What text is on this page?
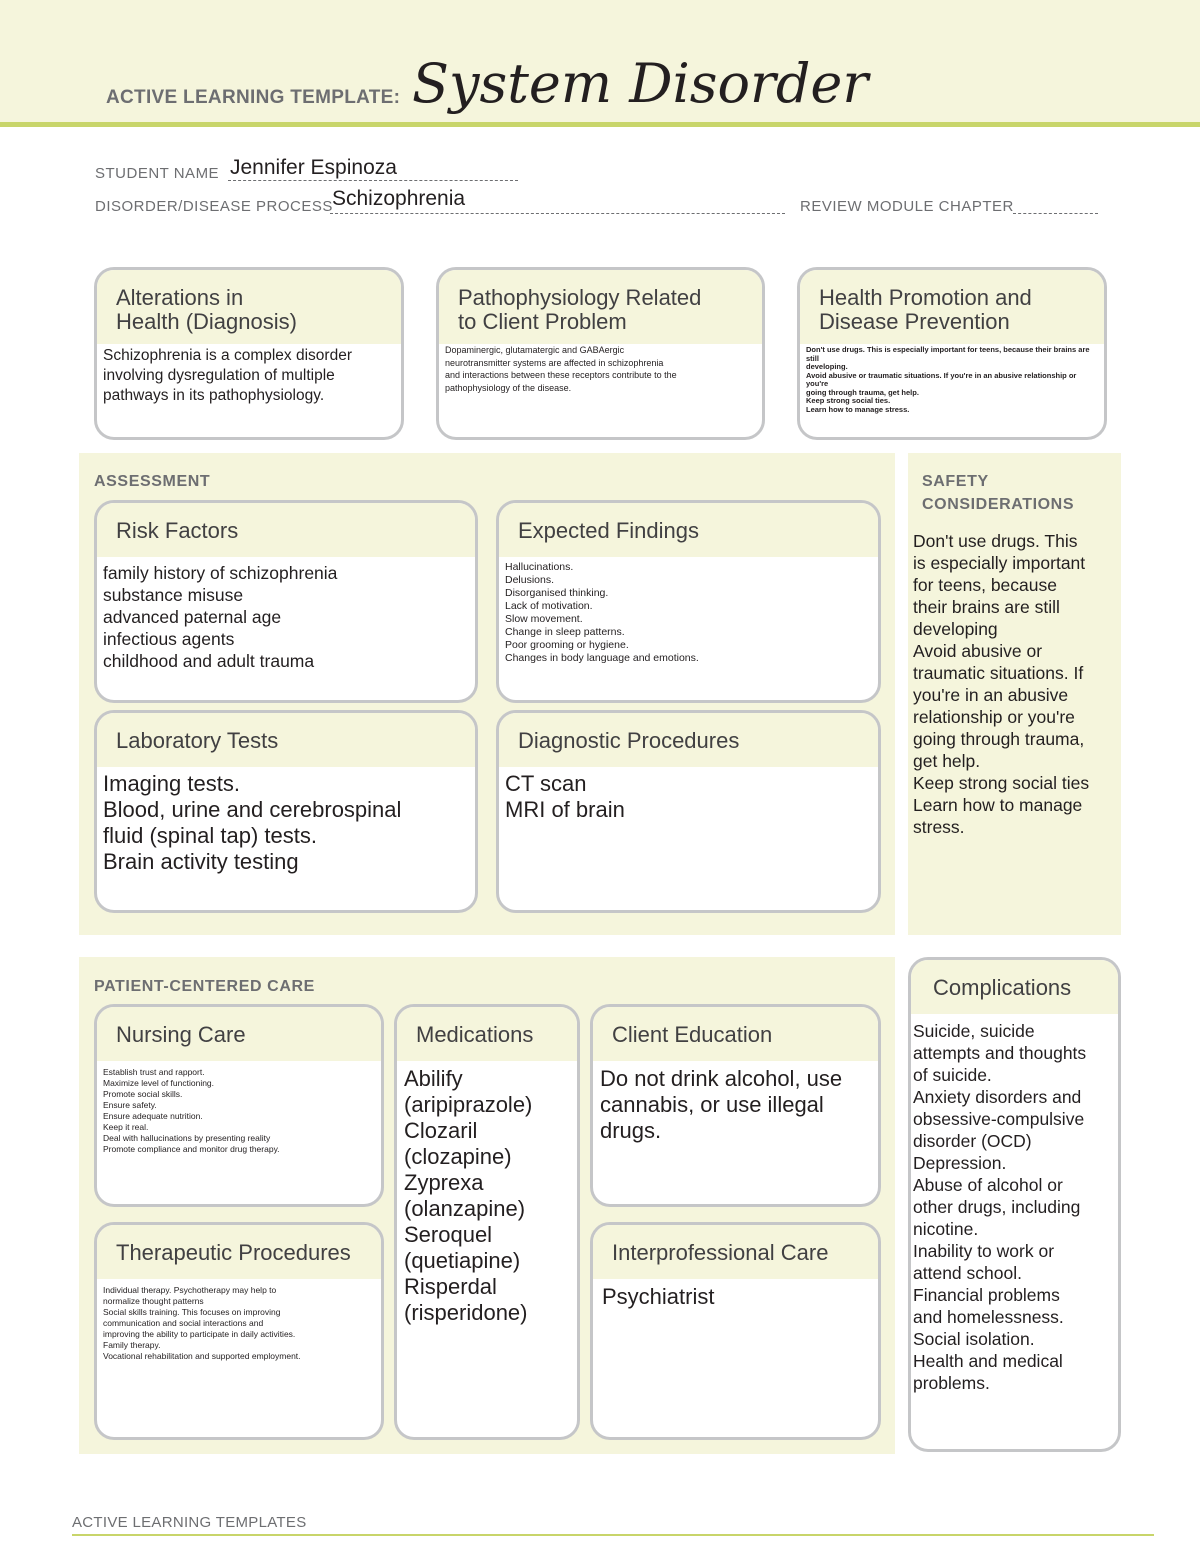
ACTIVE LEARNING TEMPLATE: System Disorder
STUDENT NAME Jennifer Espinoza
DISORDER/DISEASE PROCESS Schizophrenia	REVIEW MODULE CHAPTER
Alterations in
Health (Diagnosis)
Schizophrenia is a complex disorder
involving dysregulation of multiple
pathways in its pathophysiology.
Pathophysiology Related
to Client Problem
Dopaminergic, glutamatergic and GABAergic
neurotransmitter systems are affected in schizophrenia
and interactions between these receptors contribute to the
pathophysiology of the disease.
Health Promotion and
Disease Prevention
Don't use drugs. This is especially important for teens, because their brains are still
developing.
Avoid abusive or traumatic situations. If you're in an abusive relationship or you're
going through trauma, get help.
Keep strong social ties.
Learn how to manage stress.
ASSESSMENT
Risk Factors
family history of schizophrenia
substance misuse
advanced paternal age
infectious agents
childhood and adult trauma
Expected Findings
Hallucinations.
Delusions.
Disorganised thinking.
Lack of motivation.
Slow movement.
Change in sleep patterns.
Poor grooming or hygiene.
Changes in body language and emotions.
Laboratory Tests
Imaging tests.
Blood, urine and cerebrospinal
fluid (spinal tap) tests.
Brain activity testing
Diagnostic Procedures
CT scan
MRI of brain
SAFETY
CONSIDERATIONS
Don't use drugs. This
is especially important
for teens, because
their brains are still
developing
Avoid abusive or
traumatic situations. If
you're in an abusive
relationship or you're
going through trauma,
get help.
Keep strong social ties
Learn how to manage
stress.
PATIENT-CENTERED CARE
Nursing Care
Establish trust and rapport.
Maximize level of functioning.
Promote social skills.
Ensure safety.
Ensure adequate nutrition.
Keep it real.
Deal with hallucinations by presenting reality
Promote compliance and monitor drug therapy.
Medications
Abilify
(aripiprazole)
Clozaril
(clozapine)
Zyprexa
(olanzapine)
Seroquel
(quetiapine)
Risperdal
(risperidone)
Client Education
Do not drink alcohol, use
cannabis, or use illegal
drugs.
Therapeutic Procedures
Individual therapy. Psychotherapy may help to
normalize thought patterns
Social skills training. This focuses on improving
communication and social interactions and
improving the ability to participate in daily activities.
Family therapy.
Vocational rehabilitation and supported employment.
Interprofessional Care
Psychiatrist
Complications
Suicide, suicide
attempts and thoughts
of suicide.
Anxiety disorders and
obsessive-compulsive
disorder (OCD)
Depression.
Abuse of alcohol or
other drugs, including
nicotine.
Inability to work or
attend school.
Financial problems
and homelessness.
Social isolation.
Health and medical
problems.
ACTIVE LEARNING TEMPLATES
